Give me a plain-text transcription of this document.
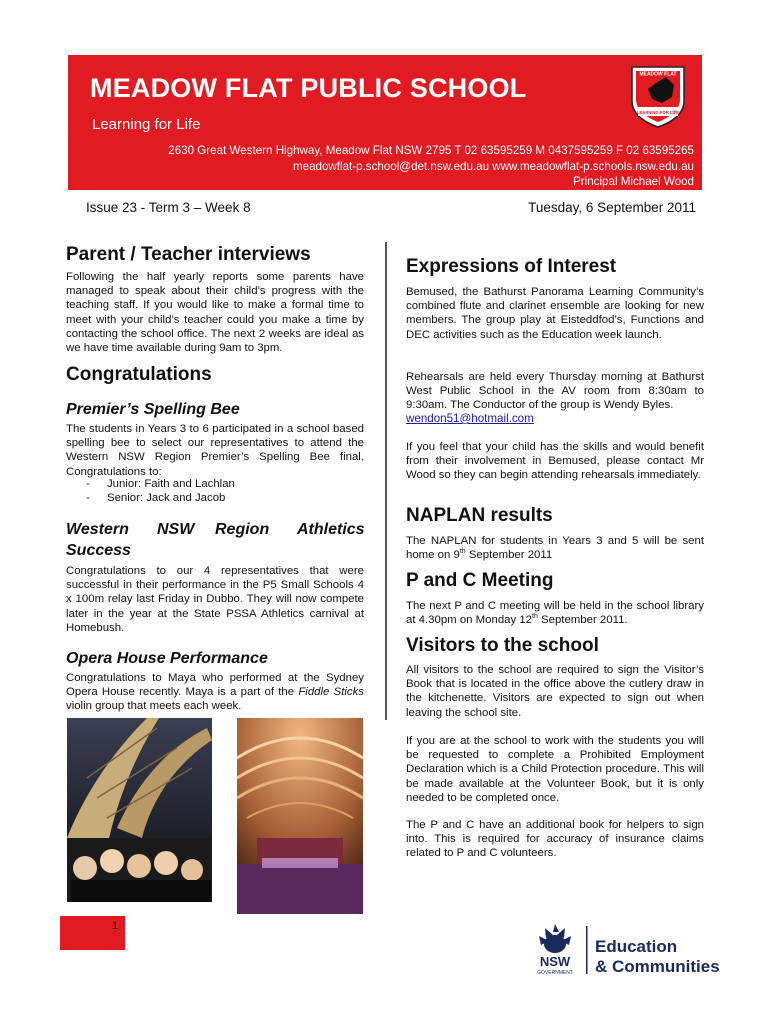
MEADOW FLAT PUBLIC SCHOOL
Learning for Life
2630 Great Western Highway, Meadow Flat NSW 2795 T 02 63595259 M 0437595259 F 02 63595265
meadowflat-p.school@det.nsw.edu.au www.meadowflat-p.schools.nsw.edu.au
Principal Michael Wood
MEADOW FLAT
LEARNING FOR LIFE
Issue 23 - Term 3 – Week 8	Tuesday, 6 September 2011
Parent / Teacher interviews
Following the half yearly reports some parents have managed to speak about their child’s progress with the teaching staff. If you would like to make a formal time to meet with your child’s teacher could you make a time by contacting the school office. The next 2 weeks are ideal as we have time available during 9am to 3pm.
Congratulations
Premier’s Spelling Bee
The students in Years 3 to 6 participated in a school based spelling bee to select our representatives to attend the Western NSW Region Premier’s Spelling Bee final. Congratulations to:
- Junior: Faith and Lachlan
- Senior: Jack and Jacob
Western NSW Region Athletics
Success
Congratulations to our 4 representatives that were successful in their performance in the P5 Small Schools 4 x 100m relay last Friday in Dubbo. They will now compete later in the year at the State PSSA Athletics carnival at Homebush.
Opera House Performance
Congratulations to Maya who performed at the Sydney Opera House recently. Maya is a part of the Fiddle Sticks violin group that meets each week.
Expressions of Interest
Bemused, the Bathurst Panorama Learning Community’s combined flute and clarinet ensemble are looking for new members. The group play at Eisteddfod’s, Functions and DEC activities such as the Education week launch.
Rehearsals are held every Thursday morning at Bathurst West Public School in the AV room from 8:30am to 9:30am. The Conductor of the group is Wendy Byles.
wendon51@hotmail.com
If you feel that your child has the skills and would benefit from their involvement in Bemused, please contact Mr Wood so they can begin attending rehearsals immediately.
NAPLAN results
The NAPLAN for students in Years 3 and 5 will be sent home on 9th September 2011
P and C Meeting
The next P and C meeting will be held in the school library at 4.30pm on Monday 12th September 2011.
Visitors to the school
All visitors to the school are required to sign the Visitor’s Book that is located in the office above the cutlery draw in the kitchenette. Visitors are expected to sign out when leaving the school site.
If you are at the school to work with the students you will be requested to complete a Prohibited Employment Declaration which is a Child Protection procedure. This will be made available at the Volunteer Book, but it is only needed to be completed once.
The P and C have an additional book for helpers to sign into. This is required for accuracy of insurance claims related to P and C volunteers.
1
NSW
GOVERNMENT
Education
& Communities
